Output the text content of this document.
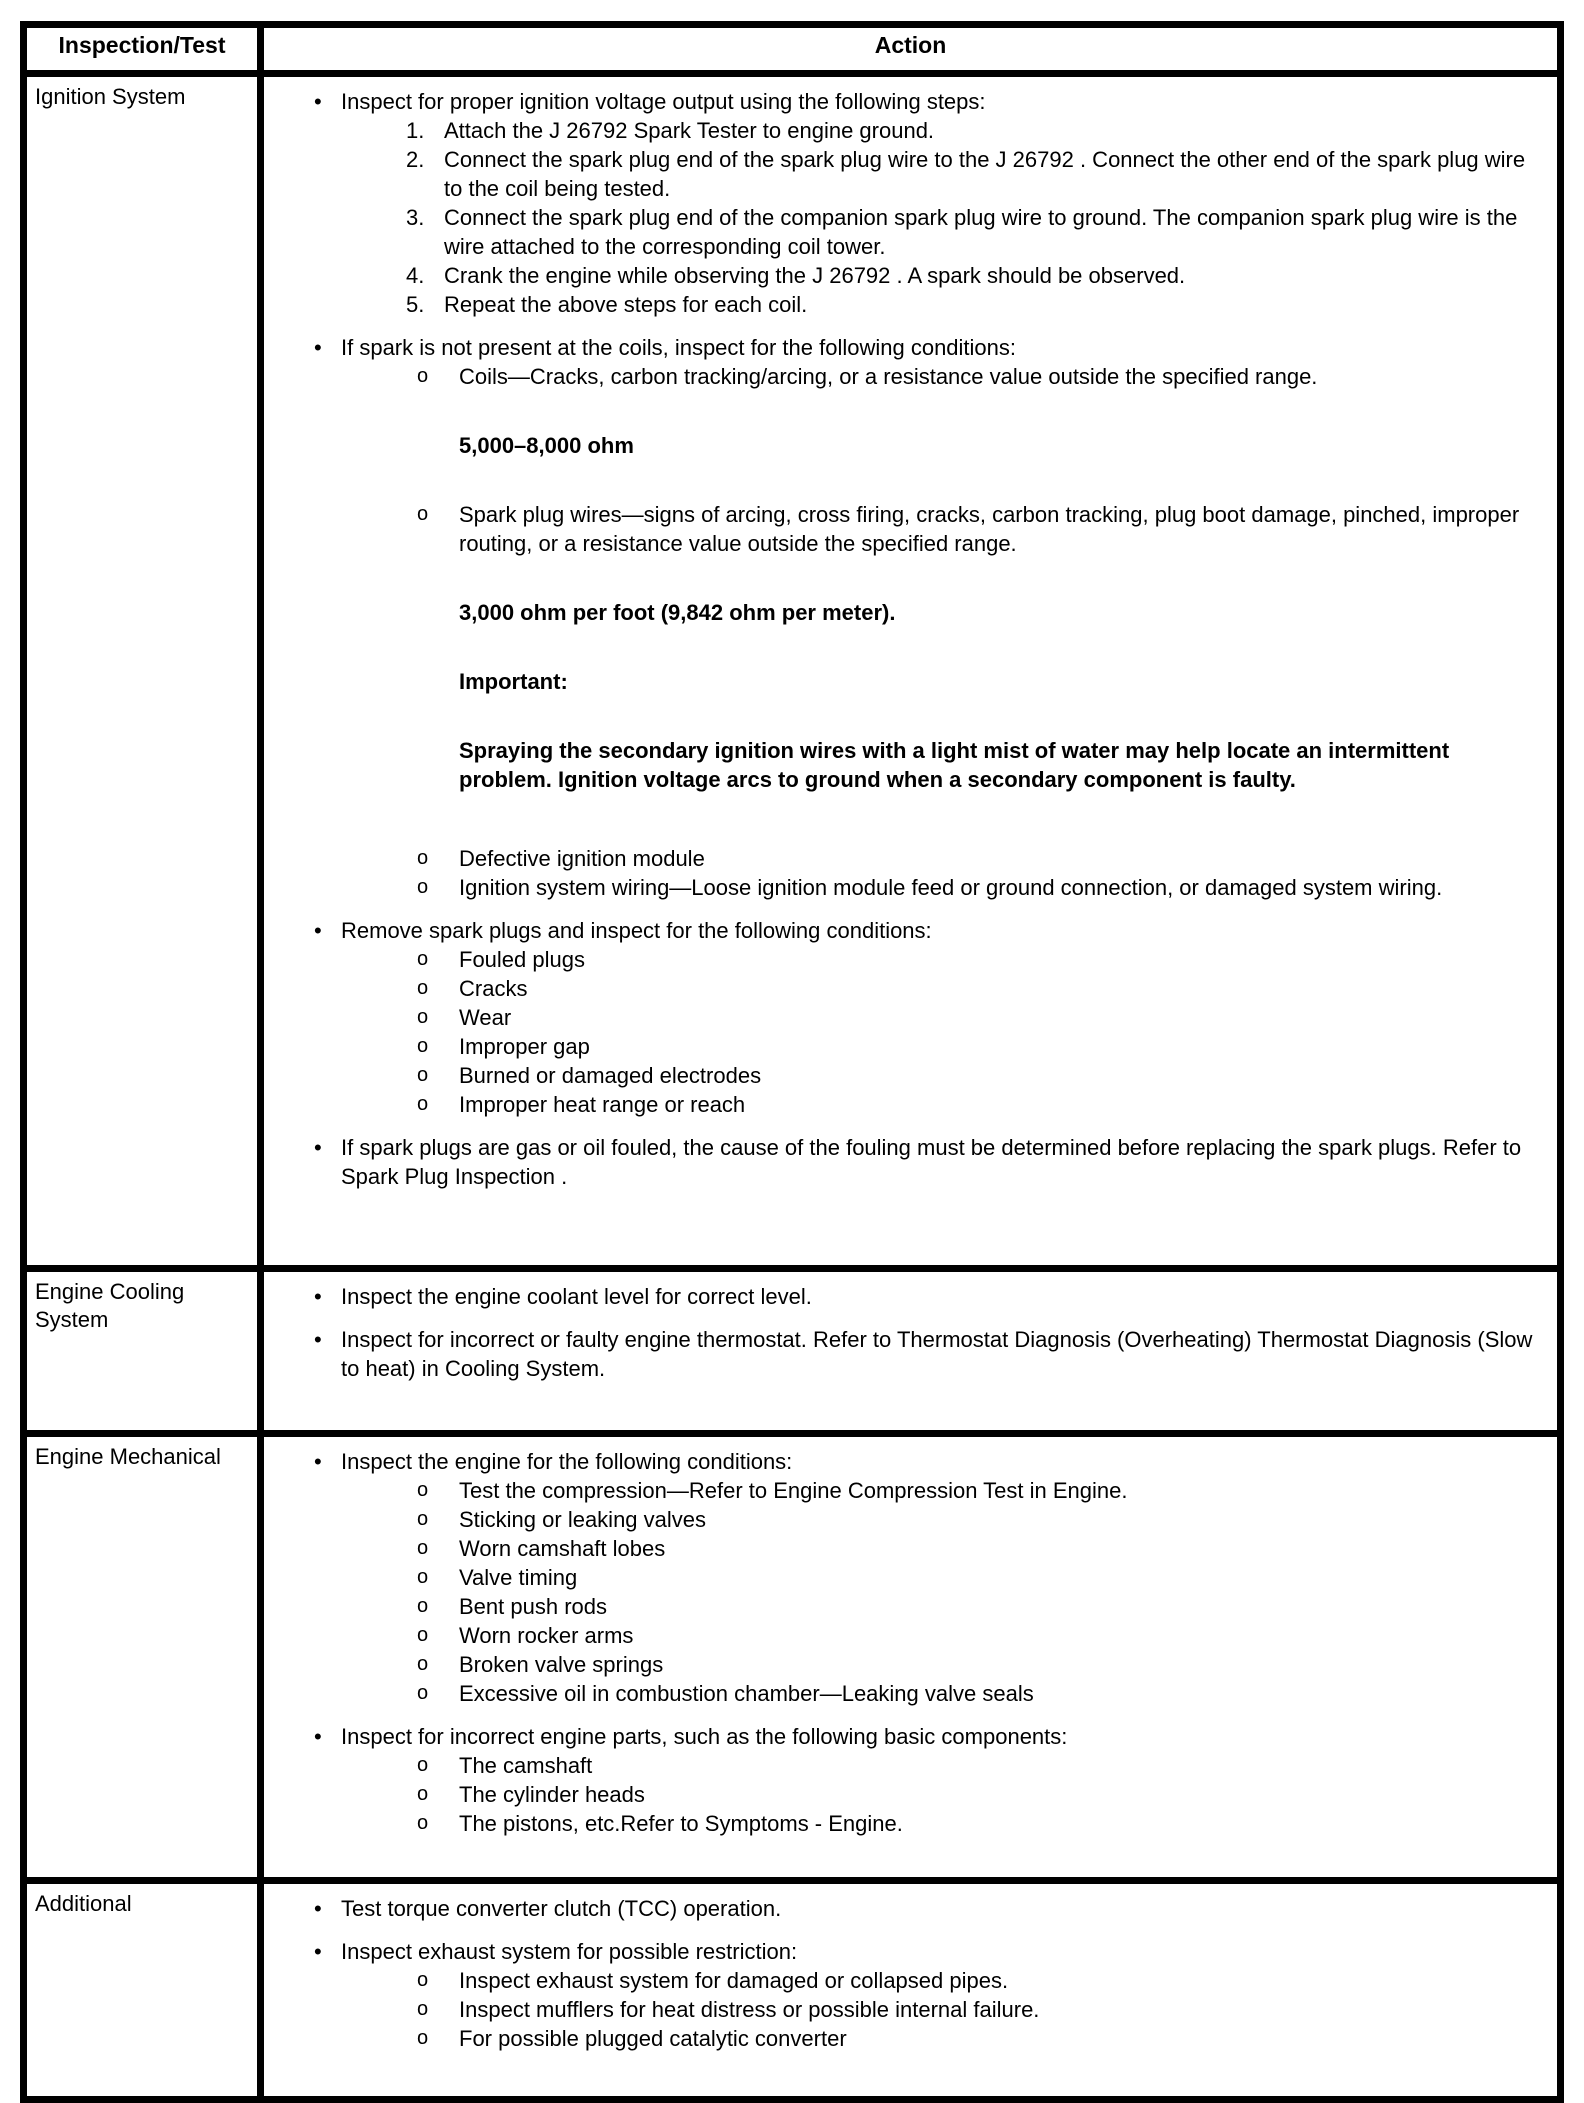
Inspection/Test	Action
Ignition System	• Inspect for proper ignition voltage output using the following steps:
1. Attach the J 26792 Spark Tester to engine ground.
2. Connect the spark plug end of the spark plug wire to the J 26792 . Connect the other end of the spark plug wire to the coil being tested.
3. Connect the spark plug end of the companion spark plug wire to ground. The companion spark plug wire is the wire attached to the corresponding coil tower.
4. Crank the engine while observing the J 26792 . A spark should be observed.
5. Repeat the above steps for each coil.
• If spark is not present at the coils, inspect for the following conditions:
o	Coils—Cracks, carbon tracking/arcing, or a resistance value outside the specified range.
5,000–8,000 ohm
o	Spark plug wires—signs of arcing, cross firing, cracks, carbon tracking, plug boot damage, pinched, improper routing, or a resistance value outside the specified range.
3,000 ohm per foot (9,842 ohm per meter).
Important:
Spraying the secondary ignition wires with a light mist of water may help locate an intermittent problem. Ignition voltage arcs to ground when a secondary component is faulty.
o	Defective ignition module
o	Ignition system wiring—Loose ignition module feed or ground connection, or damaged system wiring.
• Remove spark plugs and inspect for the following conditions:
o	Fouled plugs
o	Cracks
o	Wear
o	Improper gap
o	Burned or damaged electrodes
o	Improper heat range or reach
• If spark plugs are gas or oil fouled, the cause of the fouling must be determined before replacing the spark plugs. Refer to Spark Plug Inspection .

Engine Cooling System	• Inspect the engine coolant level for correct level.
• Inspect for incorrect or faulty engine thermostat. Refer to Thermostat Diagnosis (Overheating) Thermostat Diagnosis (Slow to heat) in Cooling System.

Engine Mechanical	• Inspect the engine for the following conditions:
o	Test the compression—Refer to Engine Compression Test in Engine.
o	Sticking or leaking valves
o	Worn camshaft lobes
o	Valve timing
o	Bent push rods
o	Worn rocker arms
o	Broken valve springs
o	Excessive oil in combustion chamber—Leaking valve seals
• Inspect for incorrect engine parts, such as the following basic components:
o	The camshaft
o	The cylinder heads
o	The pistons, etc.Refer to Symptoms - Engine.

Additional	• Test torque converter clutch (TCC) operation.
• Inspect exhaust system for possible restriction:
o	Inspect exhaust system for damaged or collapsed pipes.
o	Inspect mufflers for heat distress or possible internal failure.
o	For possible plugged catalytic converter
